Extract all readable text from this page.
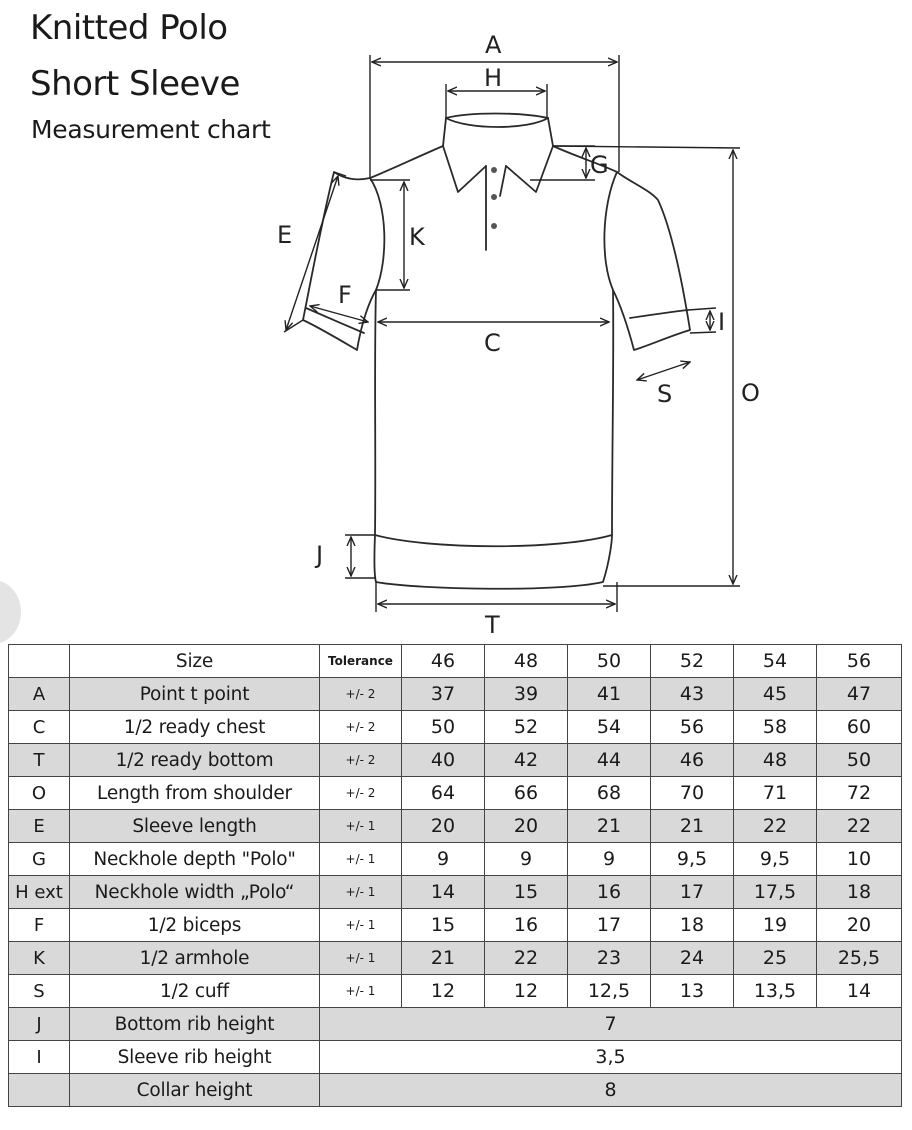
Knitted Polo
Short Sleeve
Measurement chart
A
H
G
E	K
F
C
I
S	O
J
T
	Size	Tolerance	46	48	50	52	54	56
A	Point t point	+/- 2	37	39	41	43	45	47
C	1/2 ready chest	+/- 2	50	52	54	56	58	60
T	1/2 ready bottom	+/- 2	40	42	44	46	48	50
O	Length from shoulder	+/- 2	64	66	68	70	71	72
E	Sleeve length	+/- 1	20	20	21	21	22	22
G	Neckhole depth "Polo"	+/- 1	9	9	9	9,5	9,5	10
H ext	Neckhole width „Polo“	+/- 1	14	15	16	17	17,5	18
F	1/2 biceps	+/- 1	15	16	17	18	19	20
K	1/2 armhole	+/- 1	21	22	23	24	25	25,5
S	1/2 cuff	+/- 1	12	12	12,5	13	13,5	14
J	Bottom rib height	7						
I	Sleeve rib height	3,5						
	Collar height	8						
